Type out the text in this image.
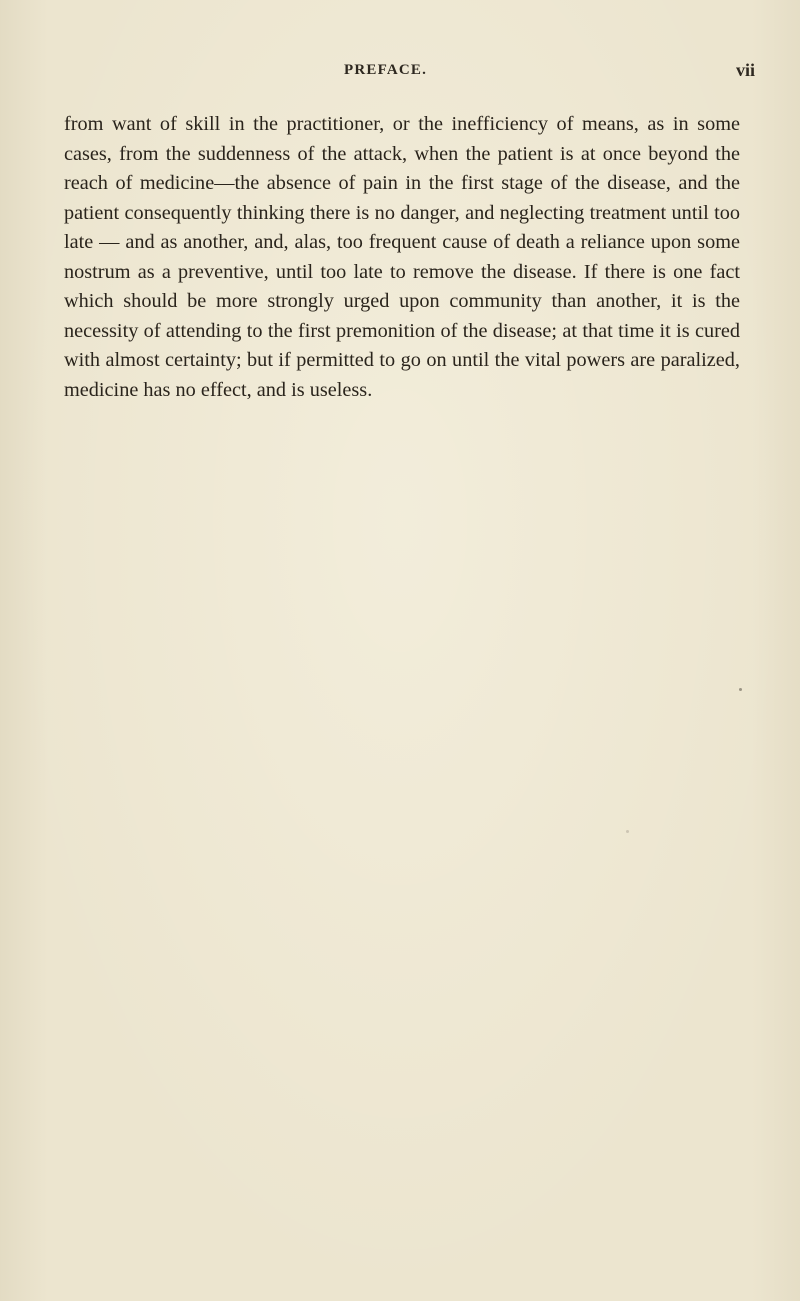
PREFACE.	vii

from want of skill in the practitioner, or the inefficiency of means, as in some cases, from the suddenness of the attack, when the patient is at once beyond the reach of medicine—the absence of pain in the first stage of the disease, and the patient consequently thinking there is no danger, and neglecting treatment until too late — and as another, and, alas, too frequent cause of death a reliance upon some nostrum as a preventive, until too late to remove the disease. If there is one fact which should be more strongly urged upon community than another, it is the necessity of attending to the first premonition of the disease; at that time it is cured with almost certainty; but if permitted to go on until the vital powers are paralized, medicine has no effect, and is useless.
